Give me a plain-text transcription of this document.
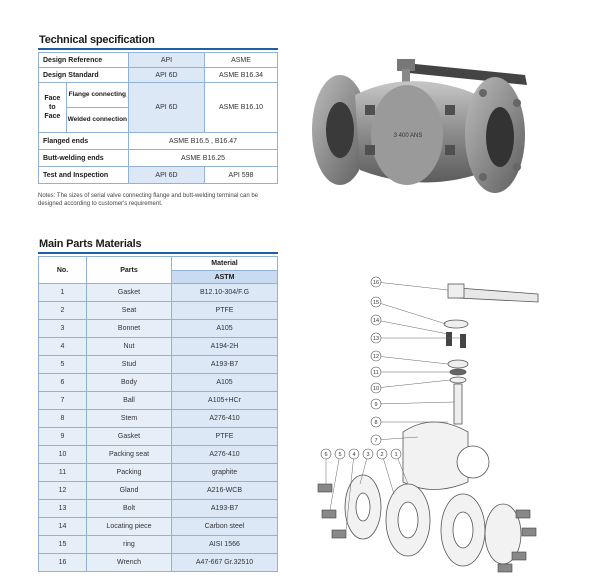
Technical specification
Design Reference		API	ASME
Design Standard		API 6D	ASME B16.34
Face to Face	Flange connecting	API 6D	ASME B16.10
	Welded connection		
Flanged ends		ASME B16.5 , B16.47	
Butt-welding ends		ASME B16.25	
Test and Inspection		API 6D	API 598
Notes: The sizes of serial valve connecting flange and butt-welding terminal can be designed according to customer's requirement.
3 400 ANS
Main Parts Materials
No.	Parts	Material
		ASTM
1	Gasket	B12.10-304/F.G
2	Seat	PTFE
3	Bonnet	A105
4	Nut	A194-2H
5	Stud	A193-B7
6	Body	A105
7	Ball	A105+HCr
8	Stem	A276-410
9	Gasket	PTFE
10	Packing seat	A276-410
11	Packing	graphite
12	Gland	A216-WCB
13	Bolt	A193-B7
14	Locating piece	Carbon steel
15	ring	AISI 1566
16	Wrench	A47-667 Gr.32510
16
15
14
13
12
11
10
9
8
7
6 5 4 3 2 1
